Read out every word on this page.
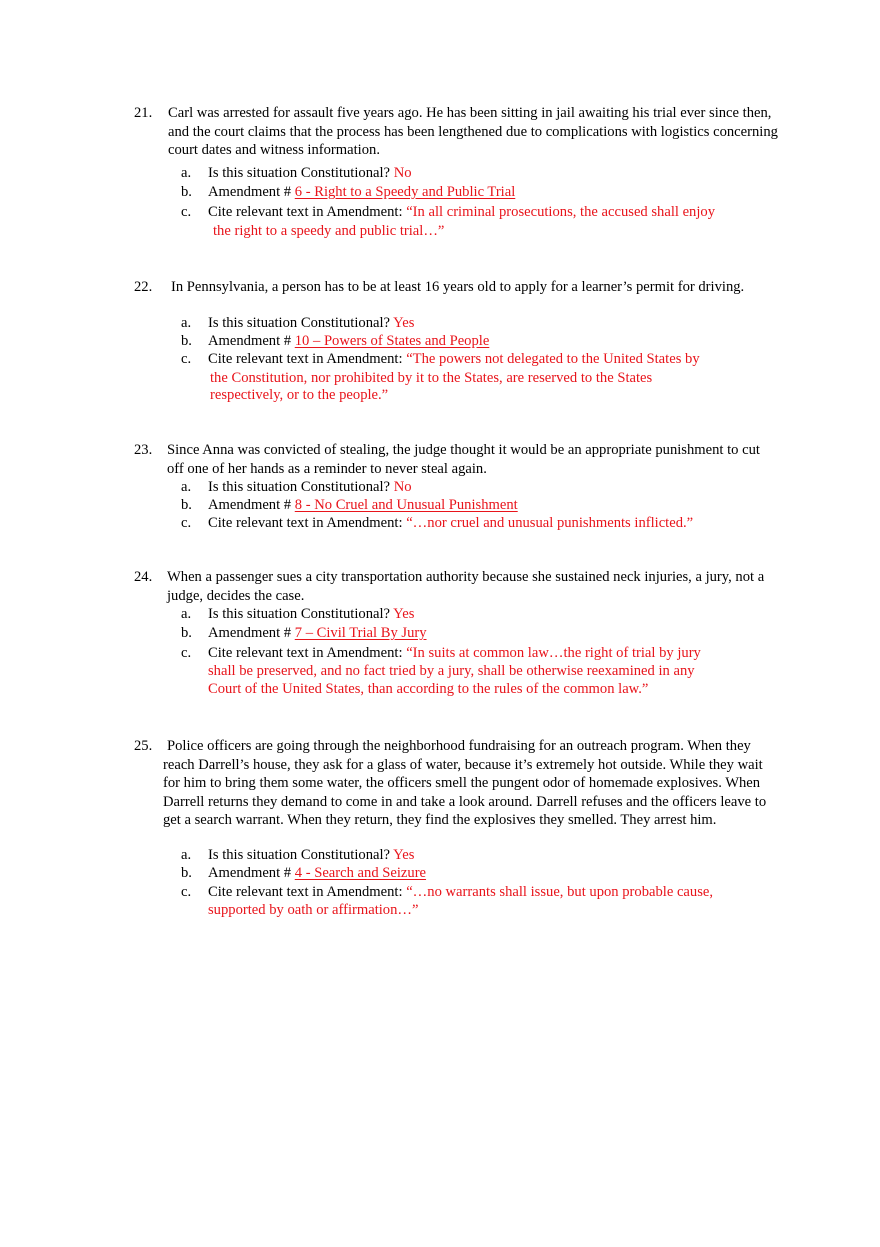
21. Carl was arrested for assault five years ago. He has been sitting in jail awaiting his trial ever since then, and the court claims that the process has been lengthened due to complications with logistics concerning court dates and witness information.
a. Is this situation Constitutional? No
b. Amendment # 6 - Right to a Speedy and Public Trial
c. Cite relevant text in Amendment: “In all criminal prosecutions, the accused shall enjoy
the right to a speedy and public trial…”
22. In Pennsylvania, a person has to be at least 16 years old to apply for a learner’s permit for driving.
a. Is this situation Constitutional? Yes
b. Amendment # 10 – Powers of States and People
c. Cite relevant text in Amendment: “The powers not delegated to the United States by
the Constitution, nor prohibited by it to the States, are reserved to the States
respectively, or to the people.”
23. Since Anna was convicted of stealing, the judge thought it would be an appropriate punishment to cut off one of her hands as a reminder to never steal again.
a. Is this situation Constitutional? No
b. Amendment # 8 - No Cruel and Unusual Punishment
c. Cite relevant text in Amendment: “…nor cruel and unusual punishments inflicted.”
24. When a passenger sues a city transportation authority because she sustained neck injuries, a jury, not a judge, decides the case.
a. Is this situation Constitutional? Yes
b. Amendment # 7 – Civil Trial By Jury
c. Cite relevant text in Amendment: “In suits at common law…the right of trial by jury
shall be preserved, and no fact tried by a jury, shall be otherwise reexamined in any
Court of the United States, than according to the rules of the common law.”
25. Police officers are going through the neighborhood fundraising for an outreach program. When they reach Darrell’s house, they ask for a glass of water, because it’s extremely hot outside. While they wait for him to bring them some water, the officers smell the pungent odor of homemade explosives. When Darrell returns they demand to come in and take a look around. Darrell refuses and the officers leave to get a search warrant. When they return, they find the explosives they smelled. They arrest him.
a. Is this situation Constitutional? Yes
b. Amendment # 4 - Search and Seizure
c. Cite relevant text in Amendment: “…no warrants shall issue, but upon probable cause,
supported by oath or affirmation…”
